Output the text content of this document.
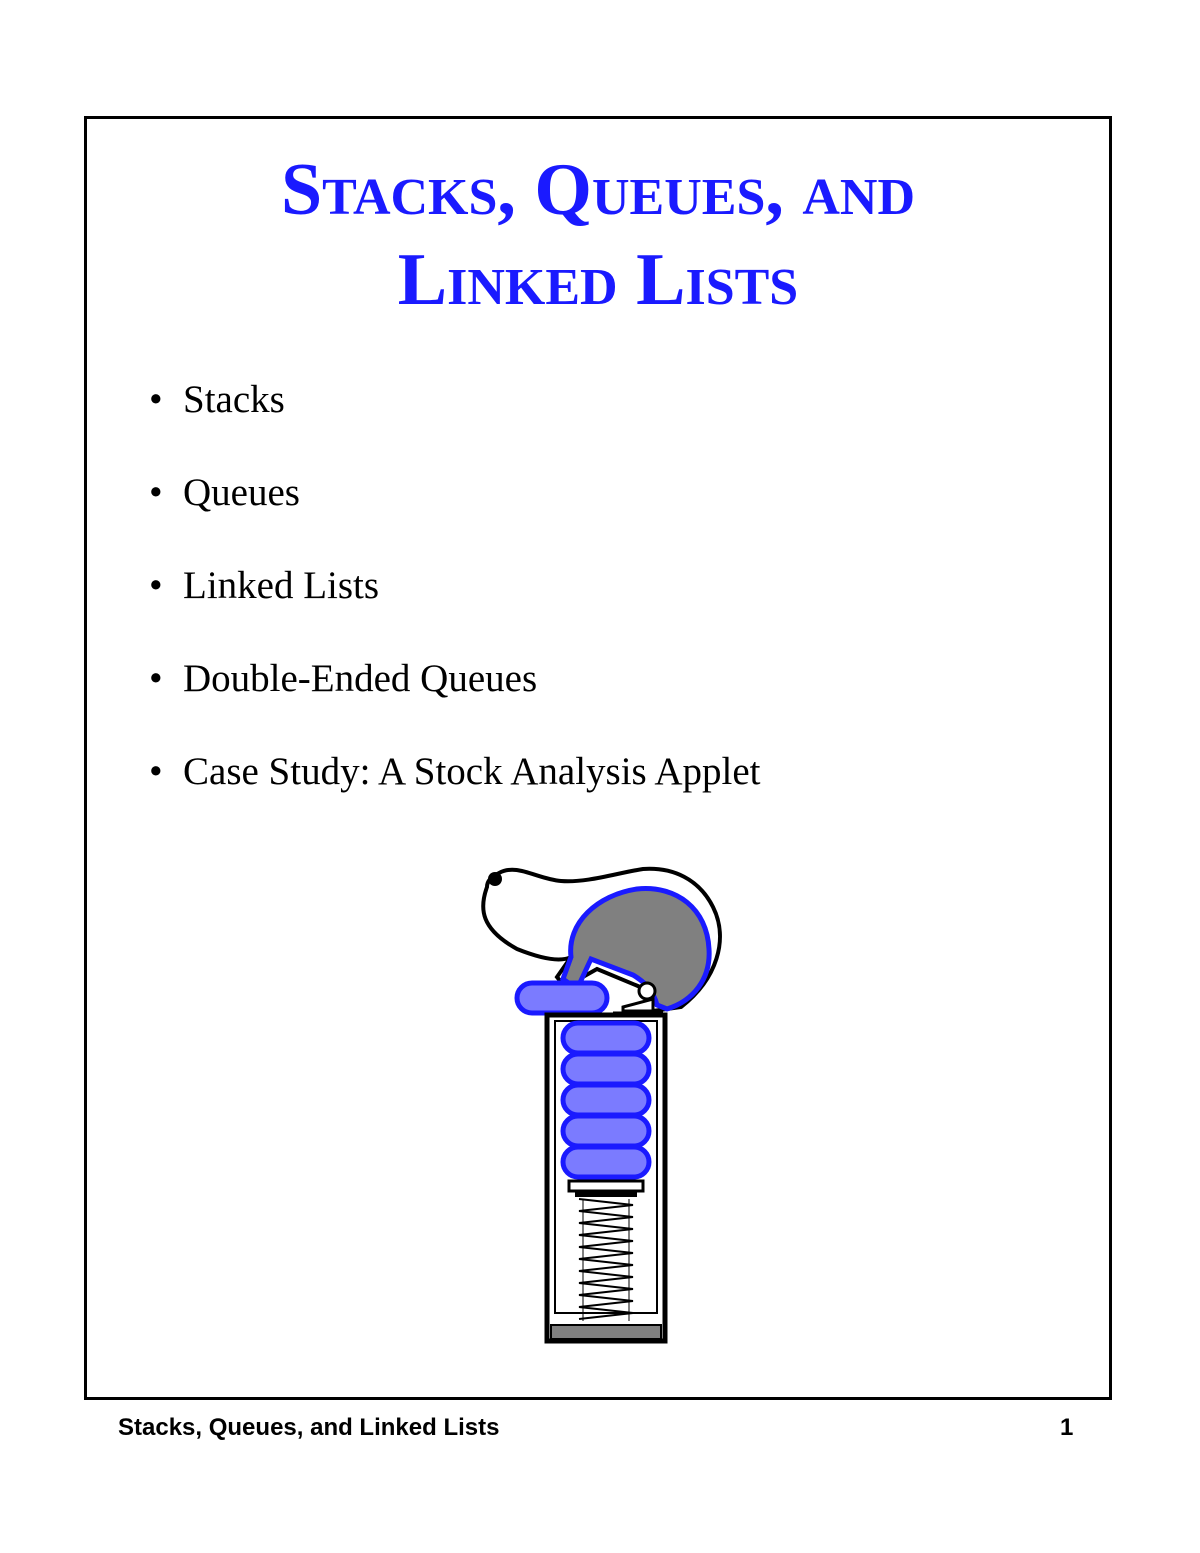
Stacks, Queues, and
Linked Lists
• Stacks
• Queues
• Linked Lists
• Double-Ended Queues
• Case Study: A Stock Analysis Applet
Stacks, Queues, and Linked Lists	1
